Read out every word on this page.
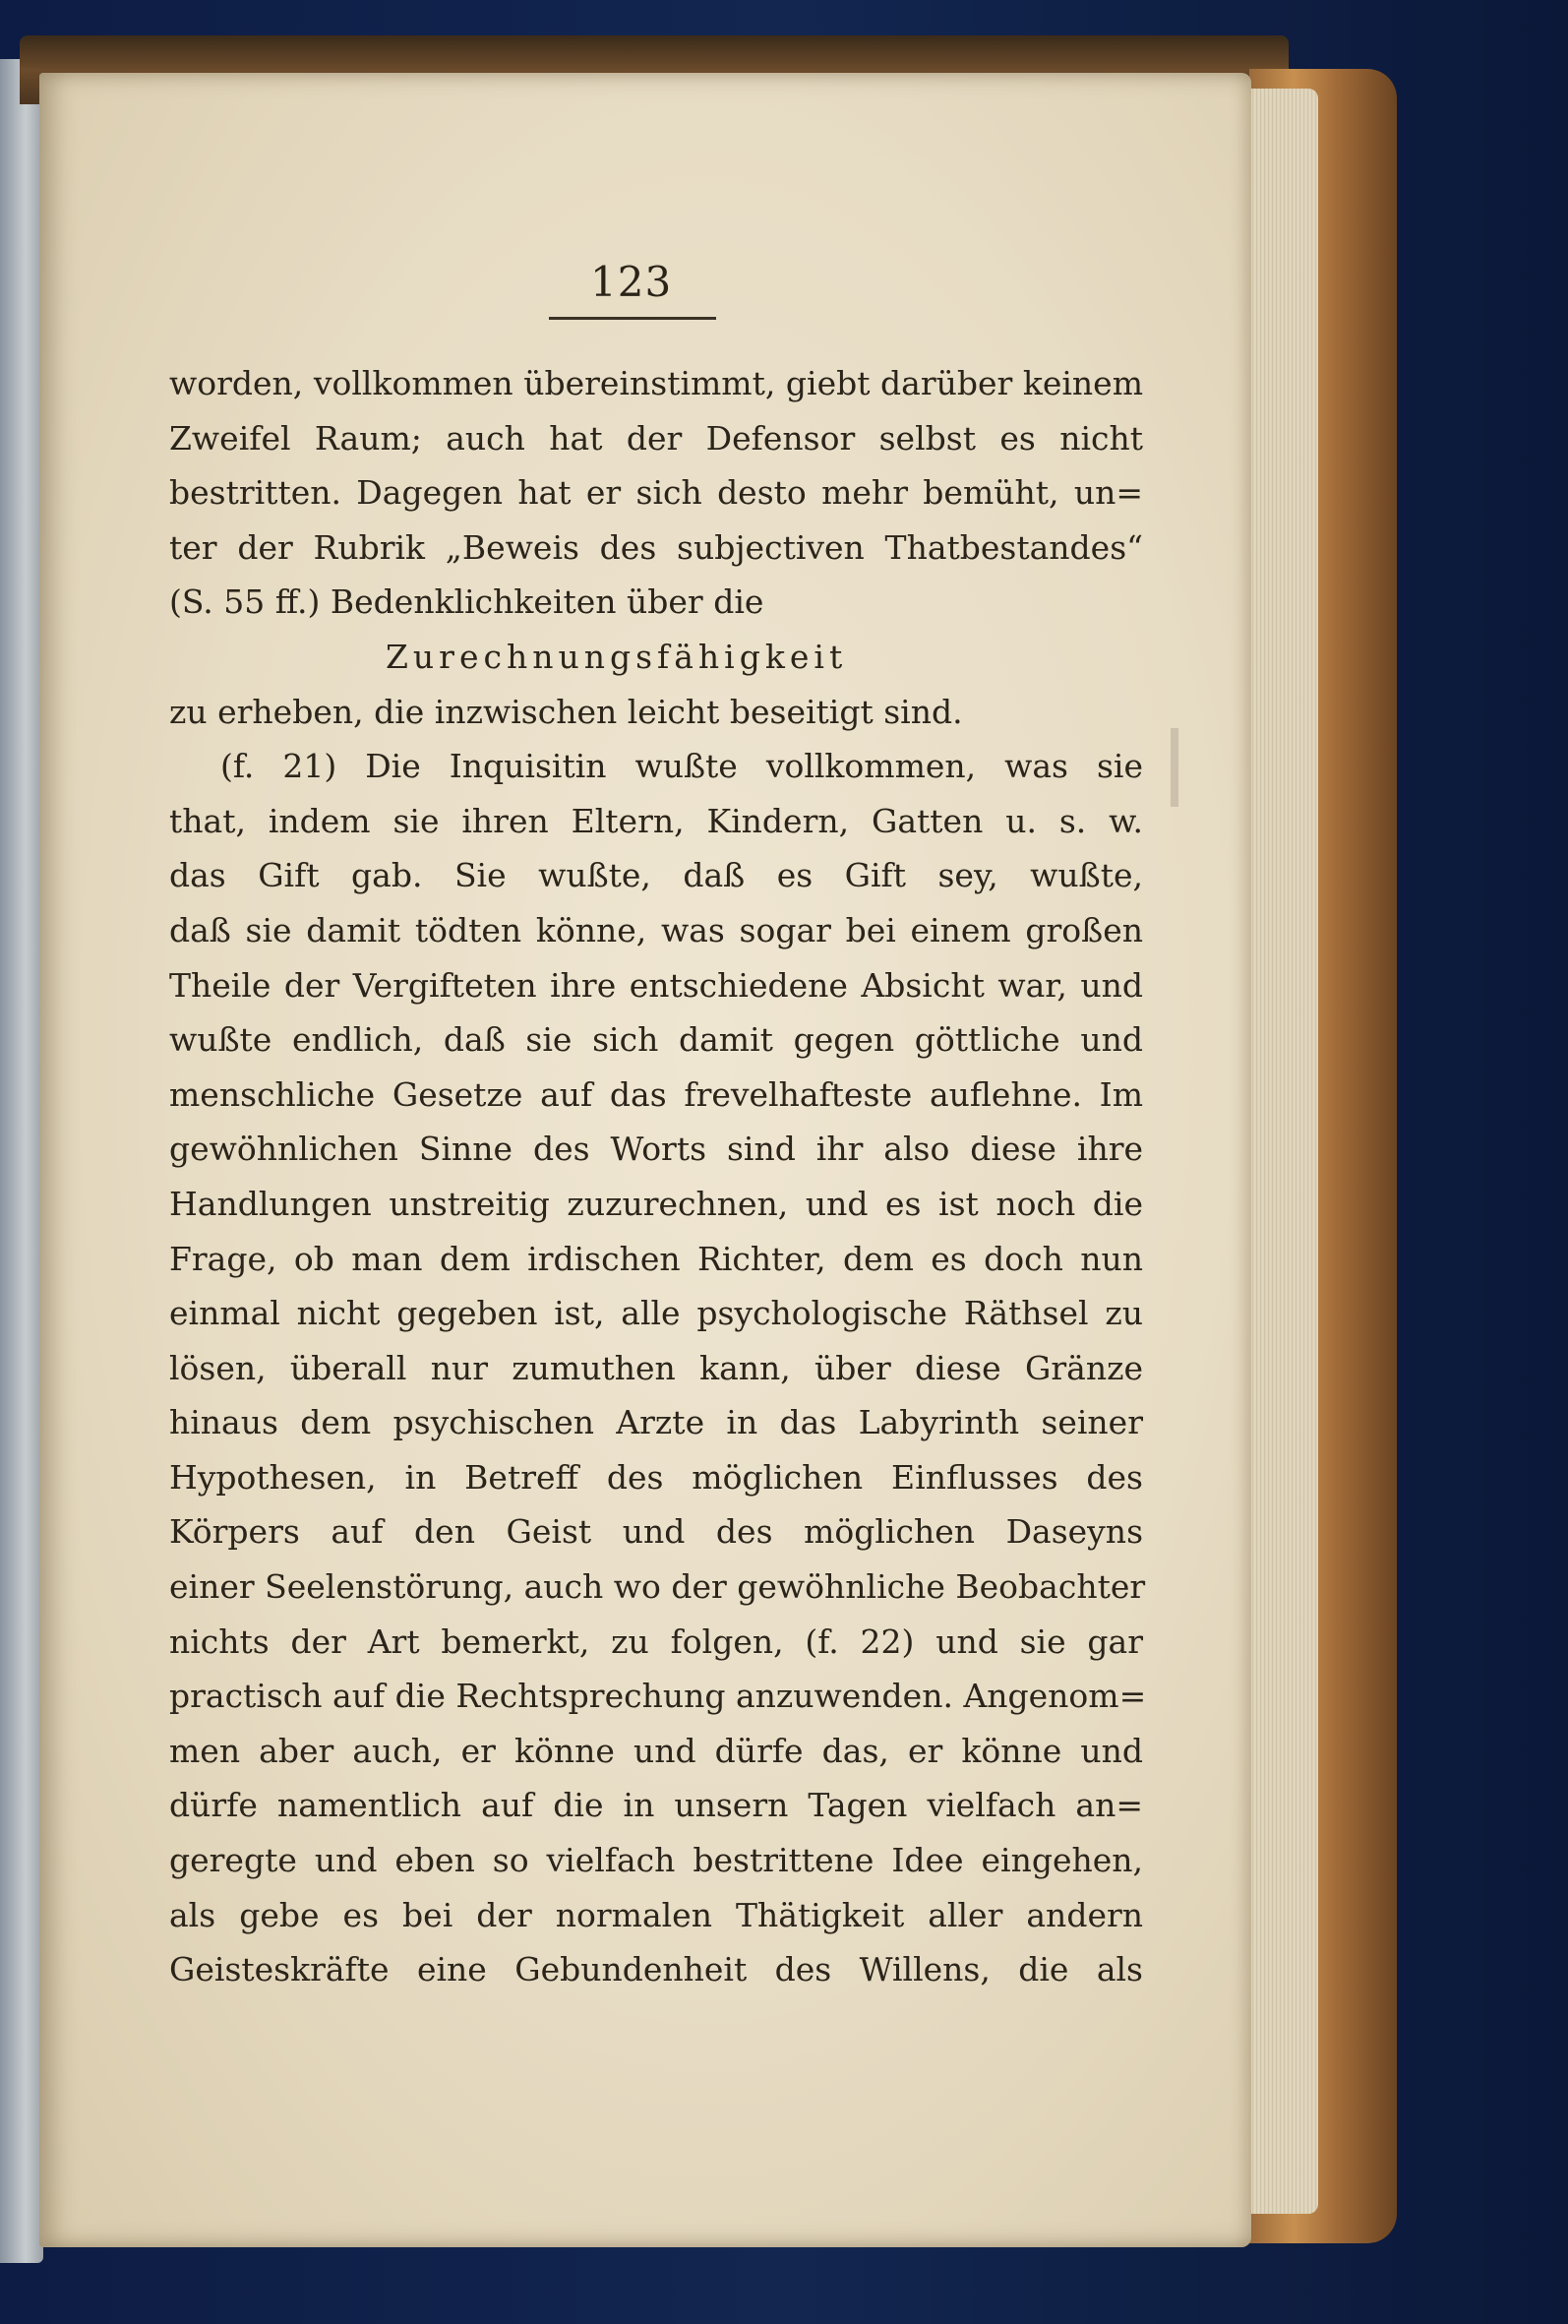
123
worden, vollkommen übereinstimmt, giebt darüber keinem
Zweifel Raum; auch hat der Defensor selbst es nicht
bestritten. Dagegen hat er sich desto mehr bemüht, un=
ter der Rubrik „Beweis des subjectiven Thatbestandes“
(S. 55 ff.) Bedenklichkeiten über die
Zurechnungsfähigkeit
zu erheben, die inzwischen leicht beseitigt sind.
(f. 21) Die Inquisitin wußte vollkommen, was sie
that, indem sie ihren Eltern, Kindern, Gatten u. s. w.
das Gift gab. Sie wußte, daß es Gift sey, wußte,
daß sie damit tödten könne, was sogar bei einem großen
Theile der Vergifteten ihre entschiedene Absicht war, und
wußte endlich, daß sie sich damit gegen göttliche und
menschliche Gesetze auf das frevelhafteste auflehne. Im
gewöhnlichen Sinne des Worts sind ihr also diese ihre
Handlungen unstreitig zuzurechnen, und es ist noch die
Frage, ob man dem irdischen Richter, dem es doch nun
einmal nicht gegeben ist, alle psychologische Räthsel zu
lösen, überall nur zumuthen kann, über diese Gränze
hinaus dem psychischen Arzte in das Labyrinth seiner
Hypothesen, in Betreff des möglichen Einflusses des
Körpers auf den Geist und des möglichen Daseyns
einer Seelenstörung, auch wo der gewöhnliche Beobachter
nichts der Art bemerkt, zu folgen, (f. 22) und sie gar
practisch auf die Rechtsprechung anzuwenden. Angenom=
men aber auch, er könne und dürfe das, er könne und
dürfe namentlich auf die in unsern Tagen vielfach an=
geregte und eben so vielfach bestrittene Idee eingehen,
als gebe es bei der normalen Thätigkeit aller andern
Geisteskräfte eine Gebundenheit des Willens, die als
